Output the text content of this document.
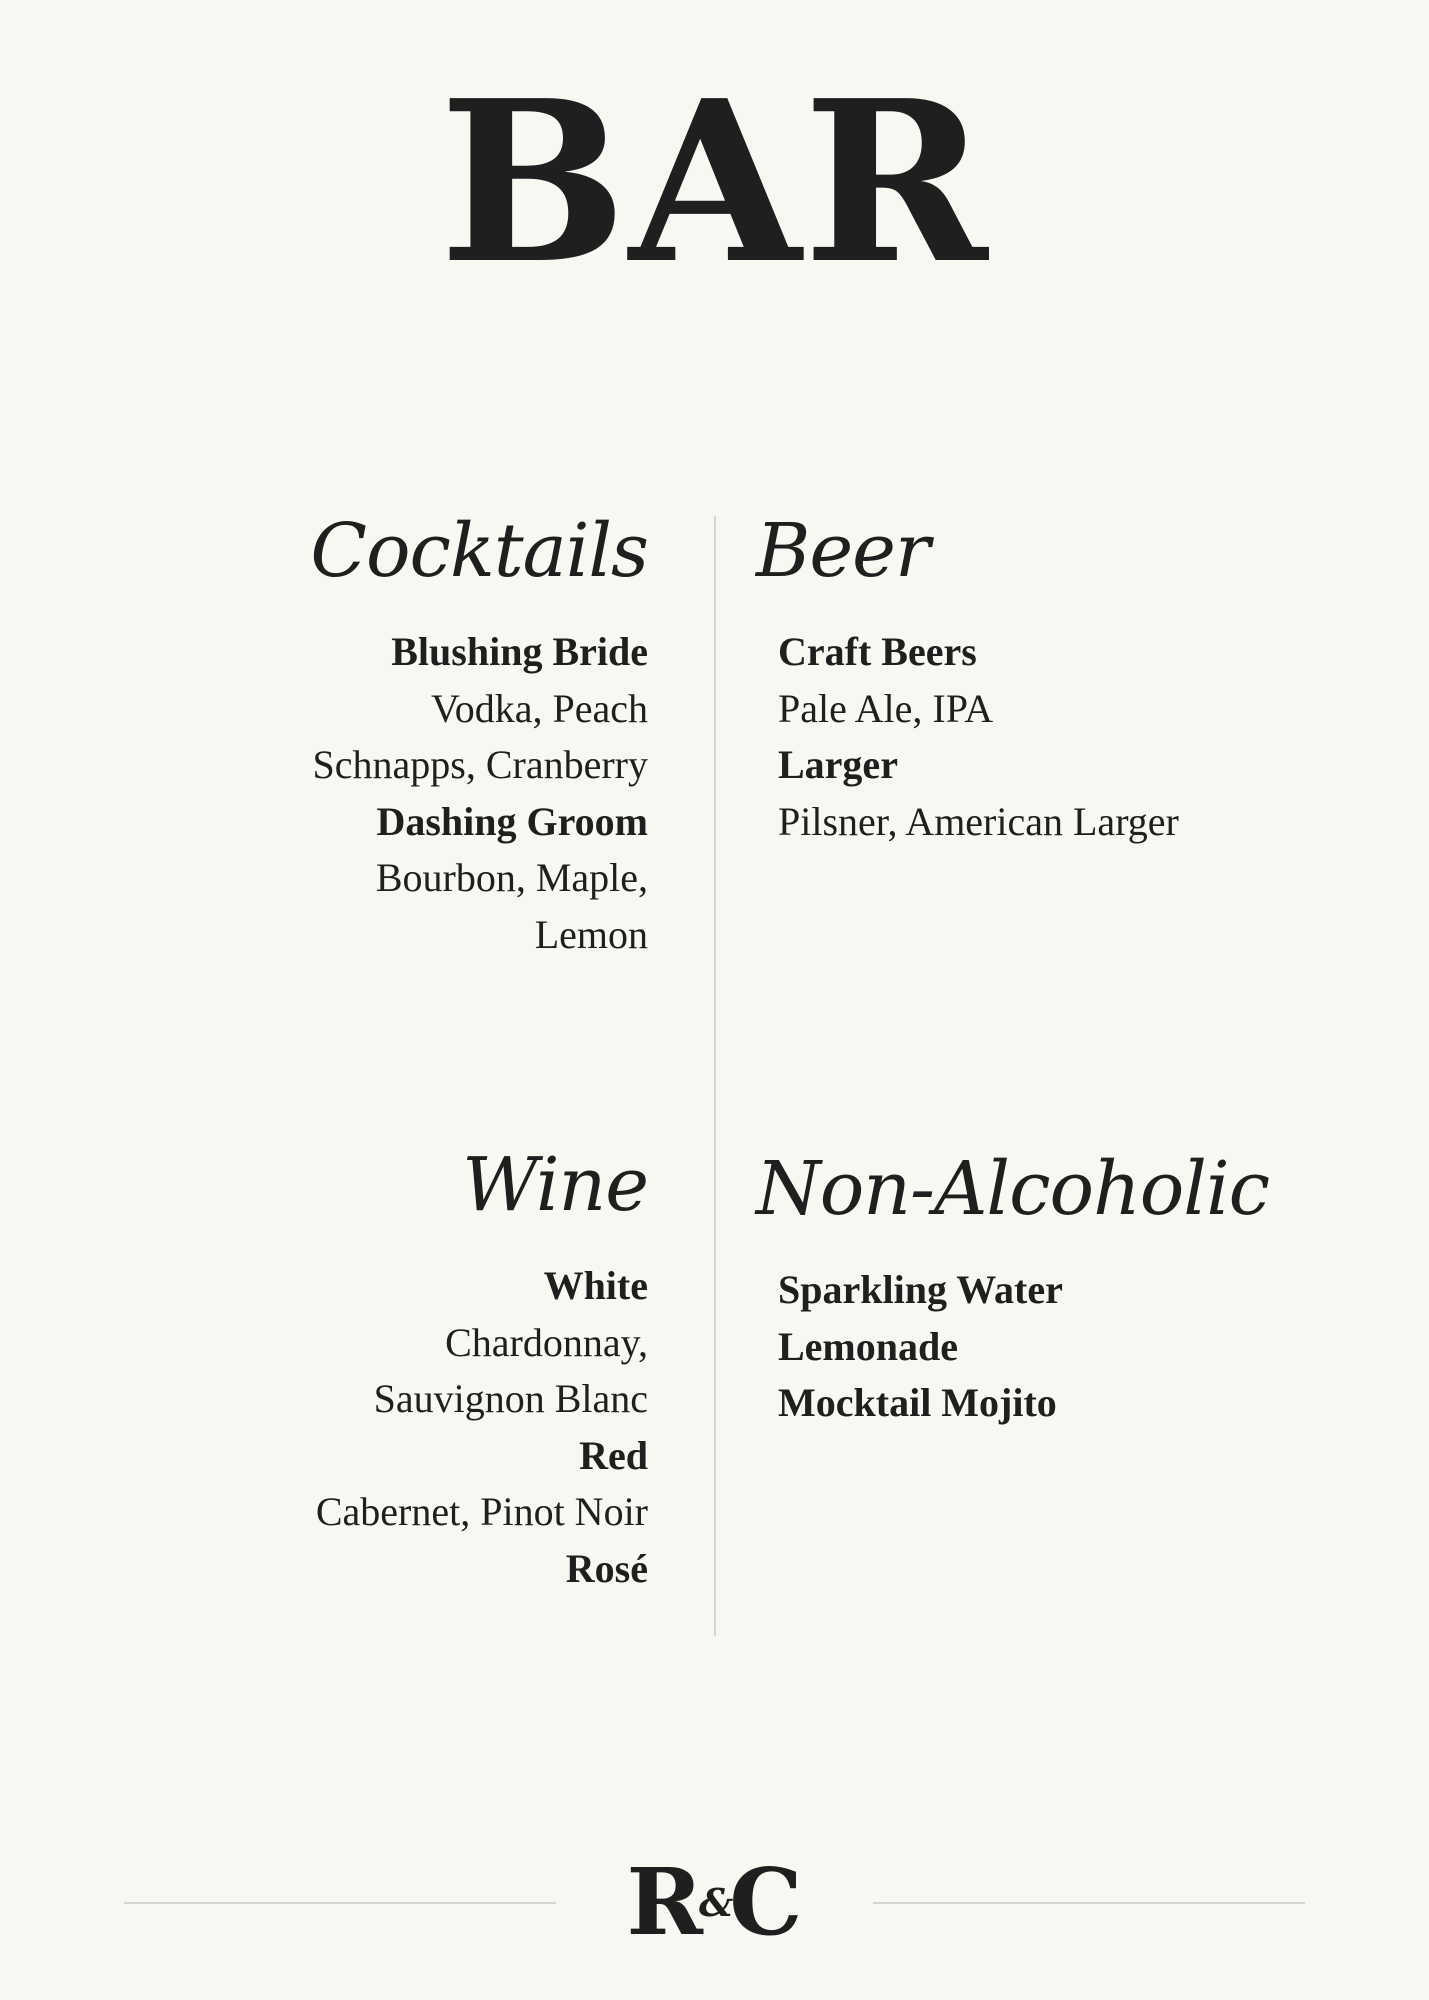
BAR
Cocktails
Blushing Bride
Vodka, Peach
Schnapps, Cranberry
Dashing Groom
Bourbon, Maple,
Lemon
Beer
Craft Beers
Pale Ale, IPA
Larger
Pilsner, American Larger
Wine
White
Chardonnay,
Sauvignon Blanc
Red
Cabernet, Pinot Noir
Rosé
Non-Alcoholic
Sparkling Water
Lemonade
Mocktail Mojito
R&C
